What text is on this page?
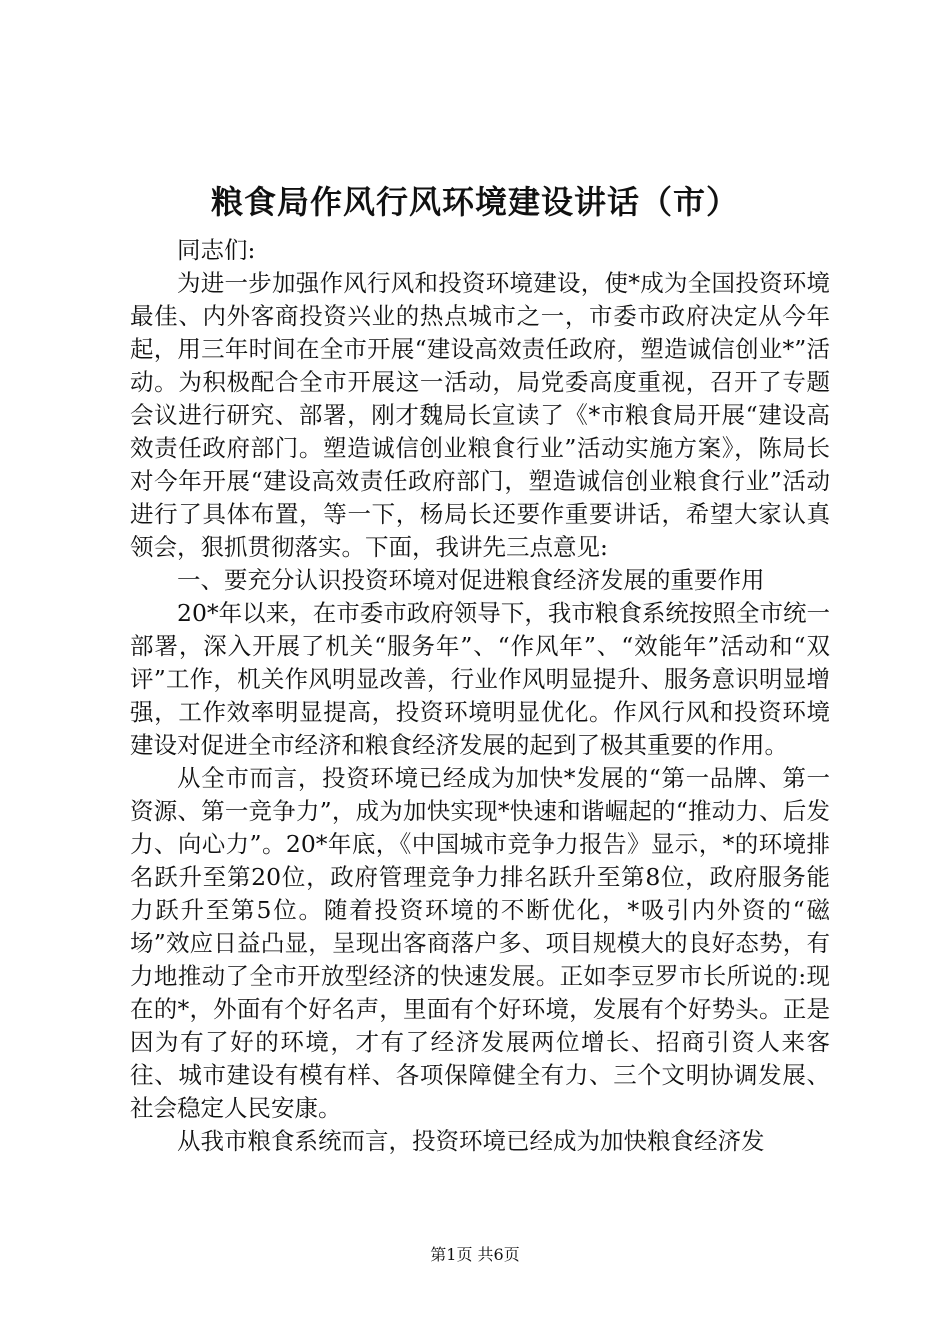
粮食局作风行风环境建设讲话（市）

同志们:

为进一步加强作风行风和投资环境建设，使*成为全国投资环境最佳、内外客商投资兴业的热点城市之一，市委市政府决定从今年起，用三年时间在全市开展“建设高效责任政府，塑造诚信创业*”活动。为积极配合全市开展这一活动，局党委高度重视，召开了专题会议进行研究、部署，刚才魏局长宣读了《*市粮食局开展“建设高效责任政府部门。塑造诚信创业粮食行业”活动实施方案》，陈局长对今年开展“建设高效责任政府部门，塑造诚信创业粮食行业”活动进行了具体布置，等一下，杨局长还要作重要讲话，希望大家认真领会，狠抓贯彻落实。下面，我讲先三点意见:

一、要充分认识投资环境对促进粮食经济发展的重要作用

20*年以来，在市委市政府领导下，我市粮食系统按照全市统一部署，深入开展了机关“服务年”、“作风年”、“效能年”活动和“双评”工作，机关作风明显改善，行业作风明显提升、服务意识明显增强，工作效率明显提高，投资环境明显优化。作风行风和投资环境建设对促进全市经济和粮食经济发展的起到了极其重要的作用。

从全市而言，投资环境已经成为加快*发展的“第一品牌、第一资源、第一竞争力”，成为加快实现*快速和谐崛起的“推动力、后发力、向心力”。20*年底，《中国城市竞争力报告》显示，*的环境排名跃升至第20位，政府管理竞争力排名跃升至第8位，政府服务能力跃升至第5位。随着投资环境的不断优化，*吸引内外资的“磁场”效应日益凸显，呈现出客商落户多、项目规模大的良好态势，有力地推动了全市开放型经济的快速发展。正如李豆罗市长所说的:现在的*，外面有个好名声，里面有个好环境，发展有个好势头。正是因为有了好的环境，才有了经济发展两位增长、招商引资人来客往、城市建设有模有样、各项保障健全有力、三个文明协调发展、社会稳定人民安康。

从我市粮食系统而言，投资环境已经成为加快粮食经济发

第1页 共6页
